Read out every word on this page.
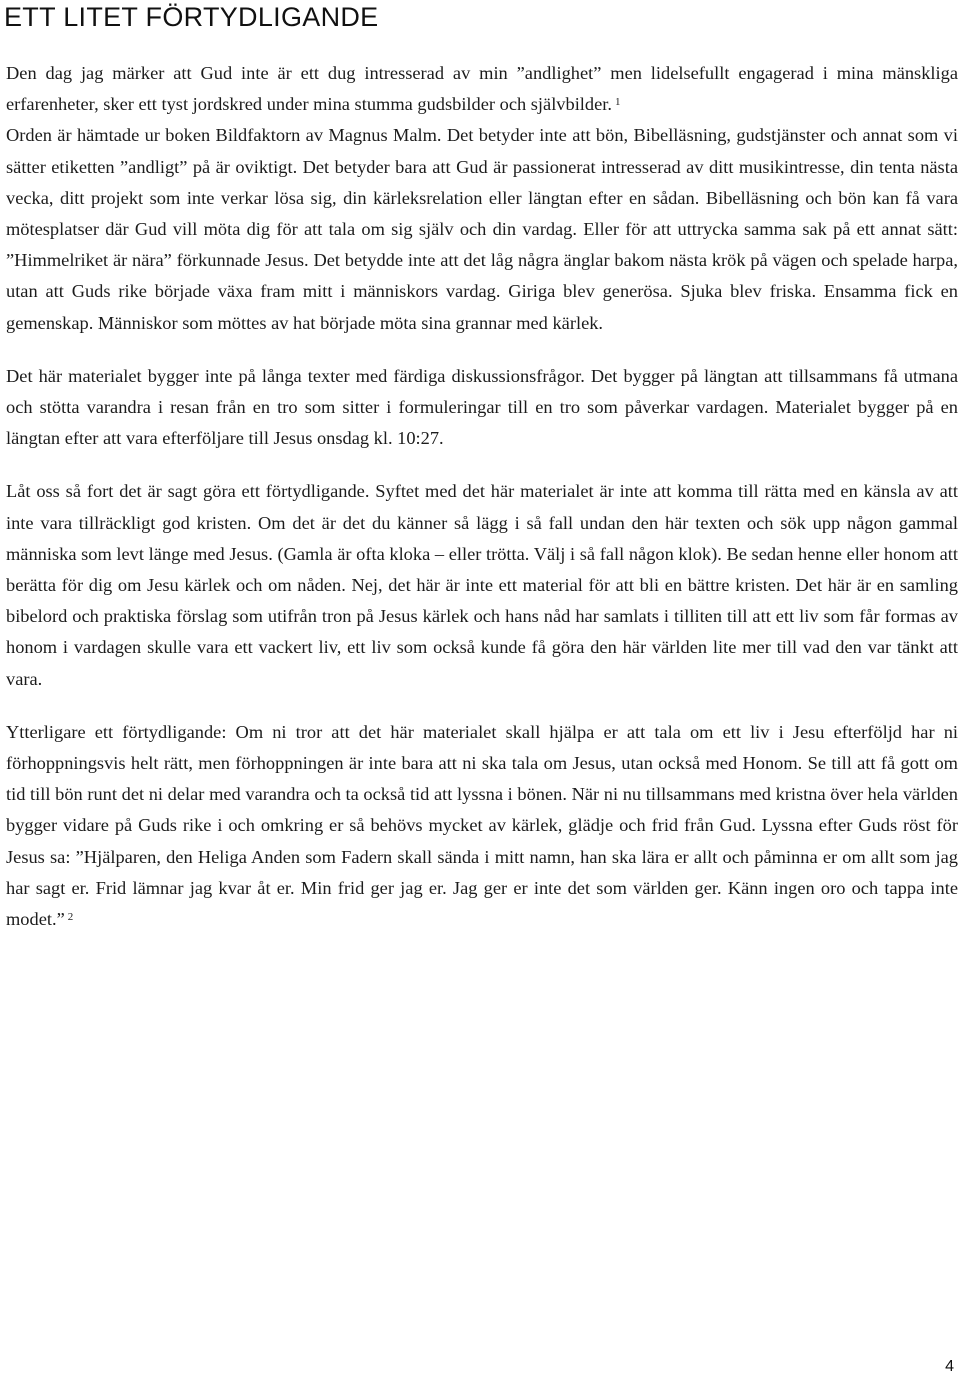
ETT LITET FÖRTYDLIGANDE

Den dag jag märker att Gud inte är ett dug intresserad av min ”andlighet” men lidelsefullt engagerad i mina mänskliga erfarenheter, sker ett tyst jordskred under mina stumma gudsbilder och självbilder. $^1$
Orden är hämtade ur boken Bildfaktorn av Magnus Malm. Det betyder inte att bön, Bibelläsning, gudstjänster och annat som vi sätter etiketten ”andligt” på är oviktigt. Det betyder bara att Gud är passionerat intresserad av ditt musikintresse, din tenta nästa vecka, ditt projekt som inte verkar lösa sig, din kärleksrelation eller längtan efter en sådan. Bibelläsning och bön kan få vara mötesplatser där Gud vill möta dig för att tala om sig själv och din vardag. Eller för att uttrycka samma sak på ett annat sätt: ”Himmelriket är nära” förkunnade Jesus. Det betydde inte att det låg några änglar bakom nästa krök på vägen och spelade harpa, utan att Guds rike började växa fram mitt i människors vardag. Giriga blev generösa. Sjuka blev friska. Ensamma fick en gemenskap. Människor som möttes av hat började möta sina grannar med kärlek.

Det här materialet bygger inte på långa texter med färdiga diskussionsfrågor. Det bygger på längtan att tillsammans få utmana och stötta varandra i resan från en tro som sitter i formuleringar till en tro som påverkar vardagen. Materialet bygger på en längtan efter att vara efterföljare till Jesus onsdag kl. 10:27.

Låt oss så fort det är sagt göra ett förtydligande. Syftet med det här materialet är inte att komma till rätta med en känsla av att inte vara tillräckligt god kristen. Om det är det du känner så lägg i så fall undan den här texten och sök upp någon gammal människa som levt länge med Jesus. (Gamla är ofta kloka – eller trötta. Välj i så fall någon klok). Be sedan henne eller honom att berätta för dig om Jesu kärlek och om nåden. Nej, det här är inte ett material för att bli en bättre kristen. Det här är en samling bibelord och praktiska förslag som utifrån tron på Jesus kärlek och hans nåd har samlats i tilliten till att ett liv som får formas av honom i vardagen skulle vara ett vackert liv, ett liv som också kunde få göra den här världen lite mer till vad den var tänkt att vara.

Ytterligare ett förtydligande: Om ni tror att det här materialet skall hjälpa er att tala om ett liv i Jesu efterföljd har ni förhoppningsvis helt rätt, men förhoppningen är inte bara att ni ska tala om Jesus, utan också med Honom. Se till att få gott om tid till bön runt det ni delar med varandra och ta också tid att lyssna i bönen. När ni nu tillsammans med kristna över hela världen bygger vidare på Guds rike i och omkring er så behövs mycket av kärlek, glädje och frid från Gud. Lyssna efter Guds röst för Jesus sa: ”Hjälparen, den Heliga Anden som Fadern skall sända i mitt namn, han ska lära er allt och påminna er om allt som jag har sagt er. Frid lämnar jag kvar åt er. Min frid ger jag er. Jag ger er inte det som världen ger. Känn ingen oro och tappa inte modet.” $^2$

4
